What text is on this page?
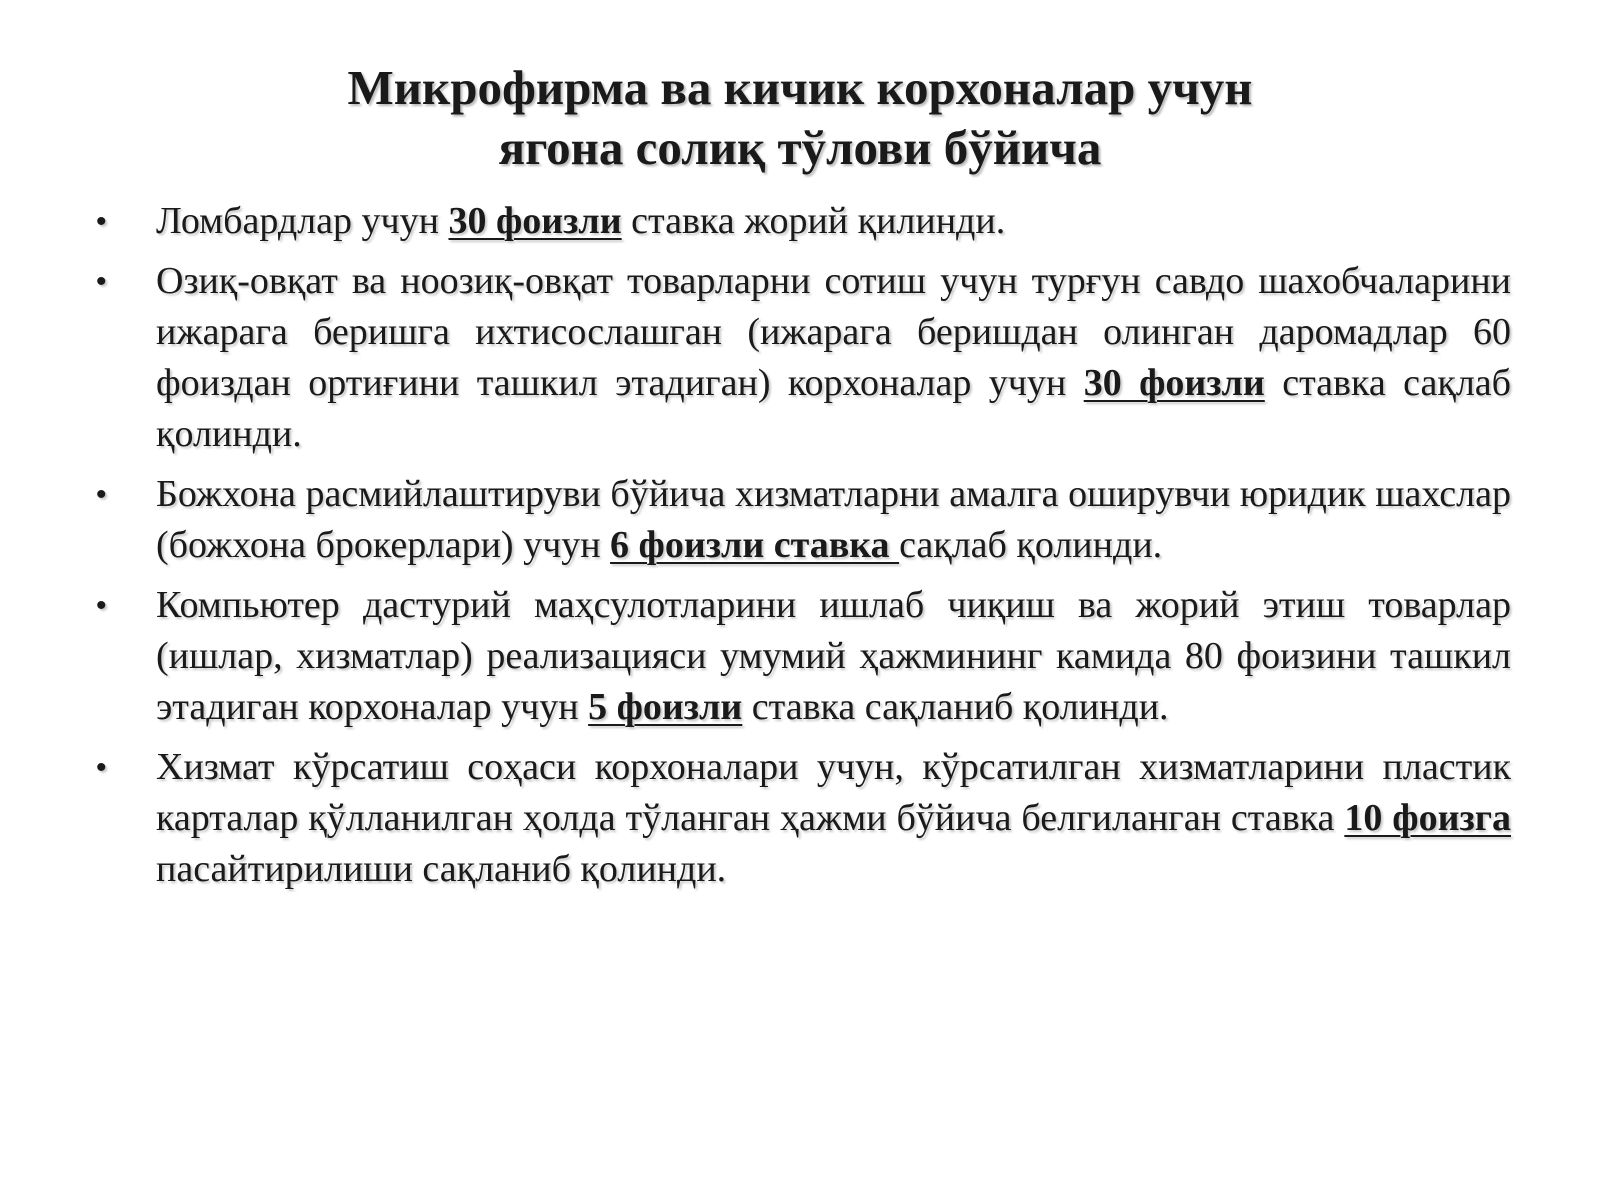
Микрофирма ва кичик корхоналар учун
ягона солиқ тўлови бўйича
• Ломбардлар учун 30 фоизли ставка жорий қилинди.
• Озиқ-овқат ва ноозиқ-овқат товарларни сотиш учун турғун савдо шахобчаларини ижарага беришга ихтисослашган (ижарага беришдан олинган даромадлар 60 фоиздан ортиғини ташкил этадиган) корхоналар учун 30 фоизли ставка сақлаб қолинди.
• Божхона расмийлаштируви бўйича хизматларни амалга оширувчи юридик шахслар (божхона брокерлари) учун 6 фоизли ставка сақлаб қолинди.
• Компьютер дастурий маҳсулотларини ишлаб чиқиш ва жорий этиш товарлар (ишлар, хизматлар) реализацияси умумий ҳажмининг камида 80 фоизини ташкил этадиган корхоналар учун 5 фоизли ставка сақланиб қолинди.
• Хизмат кўрсатиш соҳаси корхоналари учун, кўрсатилган хизматларини пластик карталар қўлланилган ҳолда тўланган ҳажми бўйича белгиланган ставка 10 фоизга пасайтирилиши сақланиб қолинди.
